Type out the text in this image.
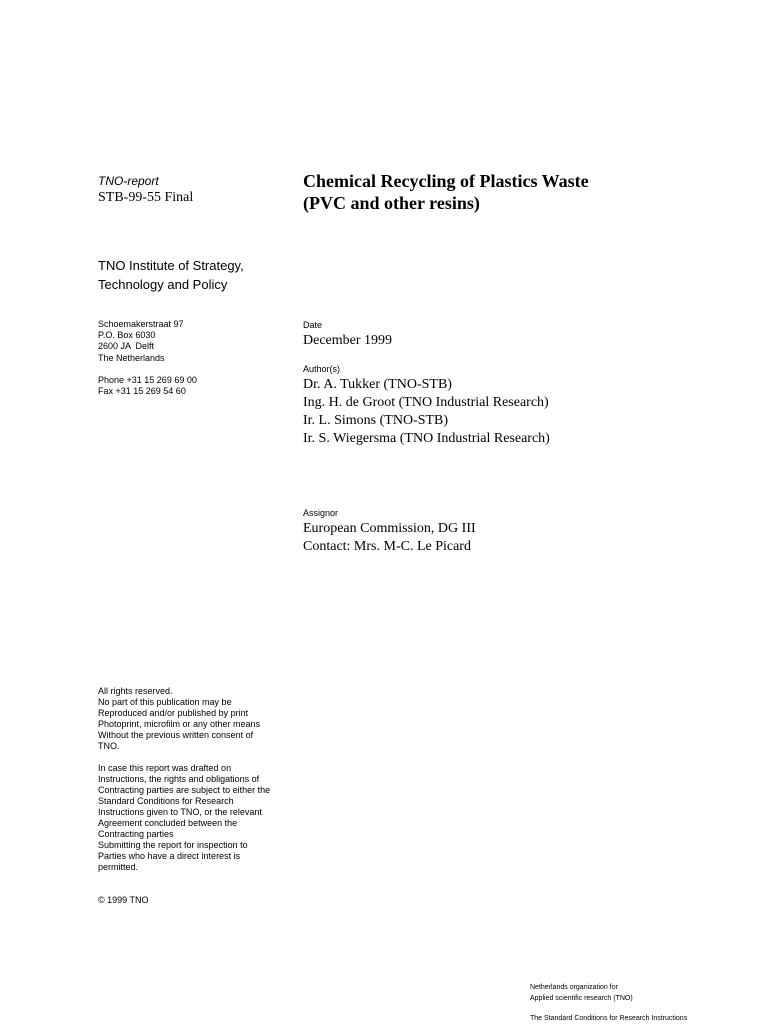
TNO-report
STB-99-55 Final
Chemical Recycling of Plastics Waste
(PVC and other resins)
TNO Institute of Strategy,
Technology and Policy
Schoemakerstraat 97
P.O. Box 6030
2600 JA  Delft
The Netherlands
Phone +31 15 269 69 00
Fax +31 15 269 54 60
Date
December 1999
Author(s)
Dr. A. Tukker (TNO-STB)
Ing. H. de Groot (TNO Industrial Research)
Ir. L. Simons (TNO-STB)
Ir. S. Wiegersma (TNO Industrial Research)
Assignor
European Commission, DG III
Contact: Mrs. M-C. Le Picard
All rights reserved.
No part of this publication may be
Reproduced and/or published by print
Photoprint, microfilm or any other means
Without the previous written consent of
TNO.
In case this report was drafted on
Instructions, the rights and obligations of
Contracting parties are subject to either the
Standard Conditions for Research
Instructions given to TNO, or the relevant
Agreement concluded between the
Contracting parties
Submitting the report for inspection to
Parties who have a direct interest is
permitted.
© 1999 TNO
Netherlands organization for
Applied scientific research (TNO)
The Standard Conditions for Research Instructions
